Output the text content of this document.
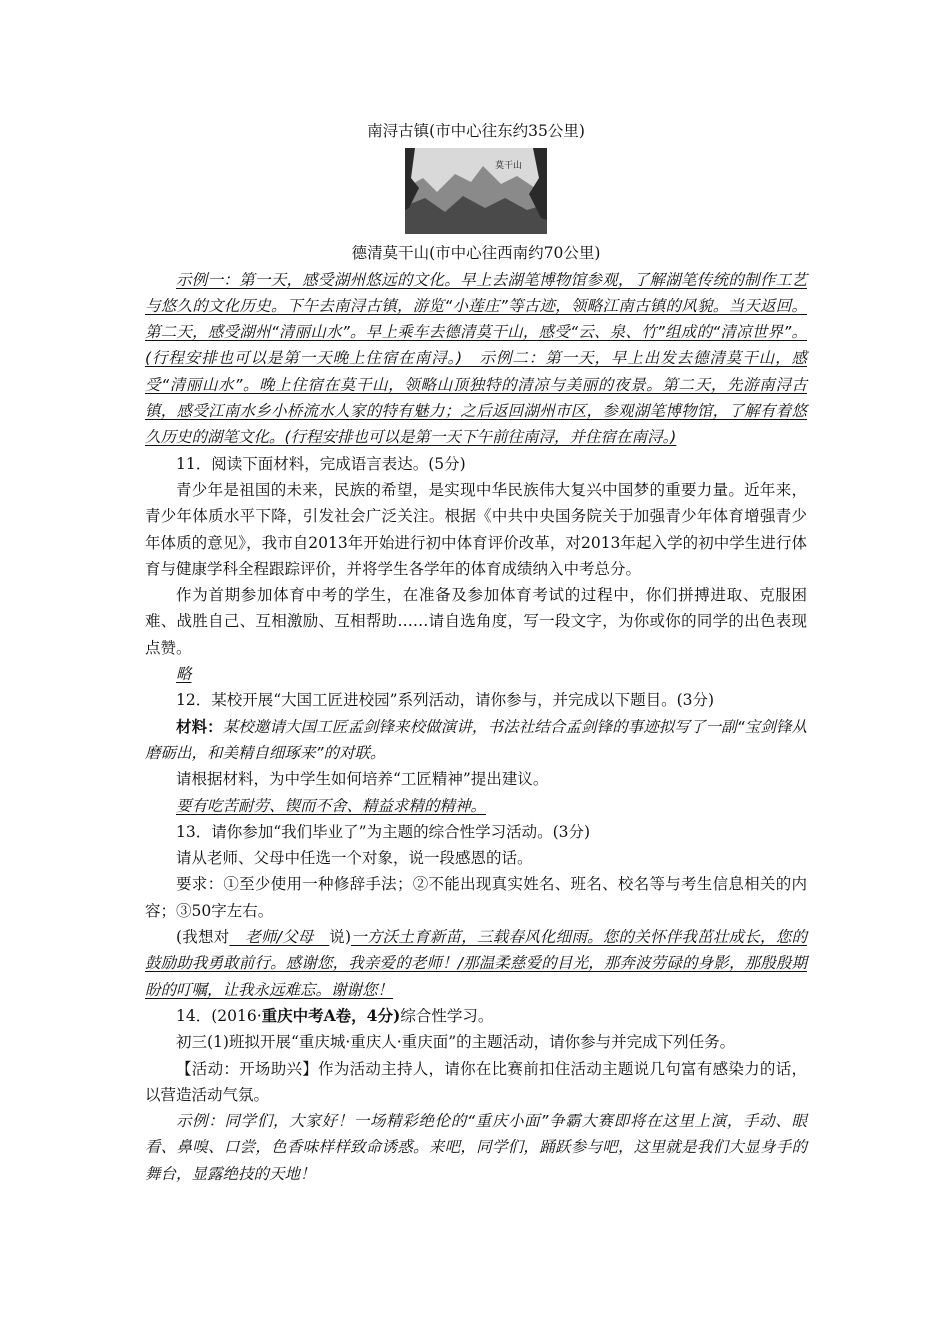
南浔古镇(市中心往东约35公里)
莫干山
德清莫干山(市中心往西南约70公里)

示例一：第一天，感受湖州悠远的文化。早上去湖笔博物馆参观，了解湖笔传统的制作工艺与悠久的文化历史。下午去南浔古镇，游览“小莲庄”等古迹，领略江南古镇的风貌。当天返回。第二天，感受湖州“清丽山水”。早上乘车去德清莫干山，感受“云、泉、竹”组成的“清凉世界”。(行程安排也可以是第一天晚上住宿在南浔。)　示例二：第一天，早上出发去德清莫干山，感受“清丽山水”。晚上住宿在莫干山，领略山顶独特的清凉与美丽的夜景。第二天，先游南浔古镇，感受江南水乡小桥流水人家的特有魅力；之后返回湖州市区，参观湖笔博物馆，了解有着悠久历史的湖笔文化。(行程安排也可以是第一天下午前往南浔，并住宿在南浔。)

11．阅读下面材料，完成语言表达。(5分)

青少年是祖国的未来，民族的希望，是实现中华民族伟大复兴中国梦的重要力量。近年来，青少年体质水平下降，引发社会广泛关注。根据《中共中央国务院关于加强青少年体育增强青少年体质的意见》，我市自2013年开始进行初中体育评价改革，对2013年起入学的初中学生进行体育与健康学科全程跟踪评价，并将学生各学年的体育成绩纳入中考总分。

作为首期参加体育中考的学生，在准备及参加体育考试的过程中，你们拼搏进取、克服困难、战胜自己、互相激励、互相帮助……请自选角度，写一段文字，为你或你的同学的出色表现点赞。

略

12．某校开展“大国工匠进校园”系列活动，请你参与，并完成以下题目。(3分)

材料：某校邀请大国工匠孟剑锋来校做演讲，书法社结合孟剑锋的事迹拟写了一副“宝剑锋从磨砺出，和美精自细琢来”的对联。

请根据材料，为中学生如何培养“工匠精神”提出建议。

要有吃苦耐劳、锲而不舍、精益求精的精神。

13．请你参加“我们毕业了”为主题的综合性学习活动。(3分)

请从老师、父母中任选一个对象，说一段感恩的话。

要求：①至少使用一种修辞手法；②不能出现真实姓名、班名、校名等与考生信息相关的内容；③50字左右。

(我想对　老师/父母　说)一方沃土育新苗，三载春风化细雨。您的关怀伴我茁壮成长，您的鼓励助我勇敢前行。感谢您，我亲爱的老师！/那温柔慈爱的目光，那奔波劳碌的身影，那殷殷期盼的叮嘱，让我永远难忘。谢谢您！

14．(2016·重庆中考A卷，4分)综合性学习。

初三(1)班拟开展“重庆城·重庆人·重庆面”的主题活动，请你参与并完成下列任务。

【活动：开场助兴】作为活动主持人，请你在比赛前扣住活动主题说几句富有感染力的话，以营造活动气氛。

示例：同学们，大家好！一场精彩绝伦的“重庆小面”争霸大赛即将在这里上演，手动、眼看、鼻嗅、口尝，色香味样样致命诱惑。来吧，同学们，踊跃参与吧，这里就是我们大显身手的舞台，显露绝技的天地！
